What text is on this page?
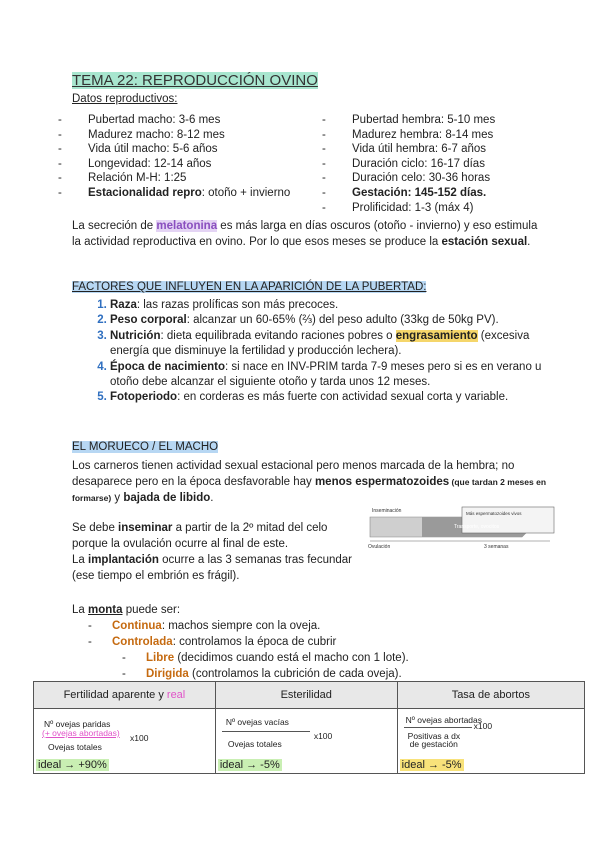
TEMA 22: REPRODUCCIÓN OVINO
Datos reproductivos:
-	Pubertad macho: 3-6 mes
-	Madurez macho: 8-12 mes
-	Vida útil macho: 5-6 años
-	Longevidad: 12-14 años
-	Relación M-H: 1:25
-	Estacionalidad repro: otoño + invierno
-	Pubertad hembra: 5-10 mes
-	Madurez hembra: 8-14 mes
-	Vida útil hembra: 6-7 años
-	Duración ciclo: 16-17 días
-	Duración celo: 30-36 horas
-	Gestación: 145-152 días.
-	Prolificidad: 1-3 (máx 4)
La secreción de melatonina es más larga en días oscuros (otoño - invierno) y eso estimula la actividad reproductiva en ovino. Por lo que esos meses se produce la estación sexual.
FACTORES QUE INFLUYEN EN LA APARICIÓN DE LA PUBERTAD:
1. Raza: las razas prolíficas son más precoces.
2. Peso corporal: alcanzar un 60-65% (⅔) del peso adulto (33kg de 50kg PV).
3. Nutrición: dieta equilibrada evitando raciones pobres o engrasamiento (excesiva energía que disminuye la fertilidad y producción lechera).
4. Época de nacimiento: si nace en INV-PRIM tarda 7-9 meses pero si es en verano u otoño debe alcanzar el siguiente otoño y tarda unos 12 meses.
5. Fotoperiodo: en corderas es más fuerte con actividad sexual corta y variable.
EL MORUECO / EL MACHO
Los carneros tienen actividad sexual estacional pero menos marcada de la hembra; no desaparece pero en la época desfavorable hay menos espermatozoides (que tardan 2 meses en formarse) y bajada de libido.
Se debe inseminar a partir de la 2º mitad del celo porque la ovulación ocurre al final de este.
La implantación ocurre a las 3 semanas tras fecundar (ese tiempo el embrión es frágil).
Inseminación	Más espermatozoides vivos
Transporte, ovocitos
Ovulación	3 semanas
La monta puede ser:
- Continua: machos siempre con la oveja.
- Controlada: controlamos la época de cubrir
- Libre (decidimos cuando está el macho con 1 lote).
- Dirigida (controlamos la cubrición de cada oveja).
Fertilidad aparente y real	Esterilidad	Tasa de abortos

Nº ovejas paridas
(+ ovejas abortadas)
Ovejas totales
x100
ideal → +90%	Nº ovejas vacías
Ovejas totales
x100
ideal → -5%	Nº ovejas abortadas
Positivas a dx
de gestación
x100
ideal → -5%
